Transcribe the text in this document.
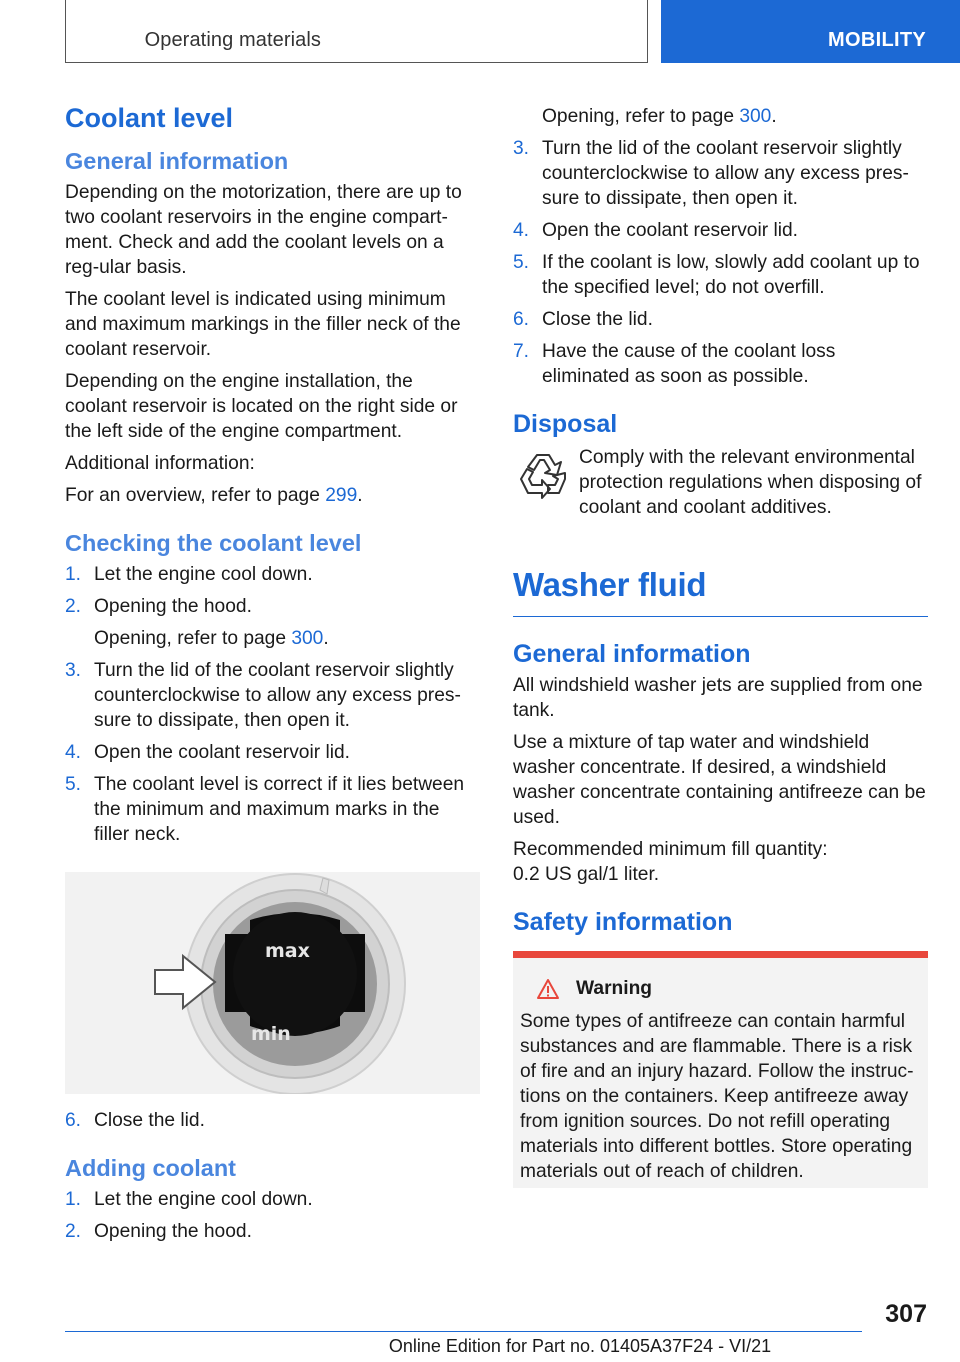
Operating materials	MOBILITY
Coolant level
General information

Depending on the motorization, there are up to two coolant reservoirs in the engine compart‐ment. Check and add the coolant levels on a reg‐ular basis.

The coolant level is indicated using minimum and maximum markings in the filler neck of the coolant reservoir.

Depending on the engine installation, the coolant reservoir is located on the right side or the left side of the engine compartment.

Additional information:

For an overview, refer to page 299.

Checking the coolant level
1. Let the engine cool down.
2. Opening the hood.
Opening, refer to page 300.
3. Turn the lid of the coolant reservoir slightly counterclockwise to allow any excess pres‐sure to dissipate, then open it.
4. Open the coolant reservoir lid.
5. The coolant level is correct if it lies between the minimum and maximum marks in the filler neck.
max
min
6. Close the lid.
Adding coolant
1. Let the engine cool down.
2. Opening the hood.
Opening, refer to page 300.
3. Turn the lid of the coolant reservoir slightly counterclockwise to allow any excess pres‐sure to dissipate, then open it.
4. Open the coolant reservoir lid.
5. If the coolant is low, slowly add coolant up to the specified level; do not overfill.
6. Close the lid.
7. Have the cause of the coolant loss eliminated as soon as possible.
Disposal
Comply with the relevant environmental protection regulations when disposing of coolant and coolant additives.
Washer fluid
General information

All windshield washer jets are supplied from one tank.

Use a mixture of tap water and windshield washer concentrate. If desired, a windshield washer concentrate containing antifreeze can be used.

Recommended minimum fill quantity:
0.2 US gal/1 liter.

Safety information
Warning
Some types of antifreeze can contain harmful substances and are flammable. There is a risk of fire and an injury hazard. Follow the instruc‐tions on the containers. Keep antifreeze away from ignition sources. Do not refill operating materials into different bottles. Store operating materials out of reach of children.
307
Online Edition for Part no. 01405A37F24 - VI/21
